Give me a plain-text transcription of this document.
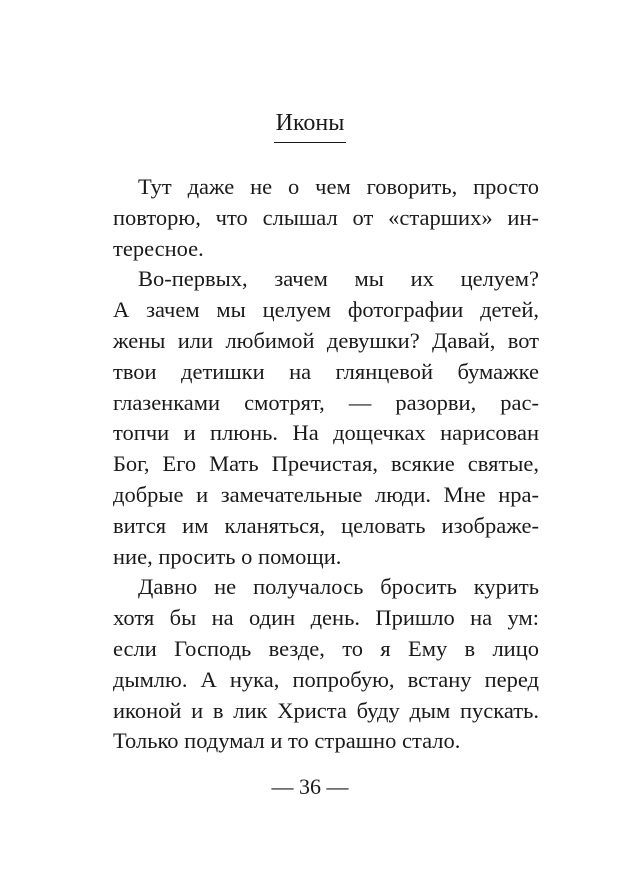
Иконы

Тут даже не о чем говорить, просто
повторю, что слышал от «старших» ин-
тересное.

Во-первых, зачем мы их целуем?
А зачем мы целуем фотографии детей,
жены или любимой девушки? Давай, вот
твои детишки на глянцевой бумажке
глазенками смотрят, — разорви, рас-
топчи и плюнь. На дощечках нарисован
Бог, Его Мать Пречистая, всякие святые,
добрые и замечательные люди. Мне нра-
вится им кланяться, целовать изображе-
ние, просить о помощи.

Давно не получалось бросить курить
хотя бы на один день. Пришло на ум:
если Господь везде, то я Ему в лицо
дымлю. А нука, попробую, встану перед
иконой и в лик Христа буду дым пускать.
Только подумал и то страшно стало.

— 36 —
